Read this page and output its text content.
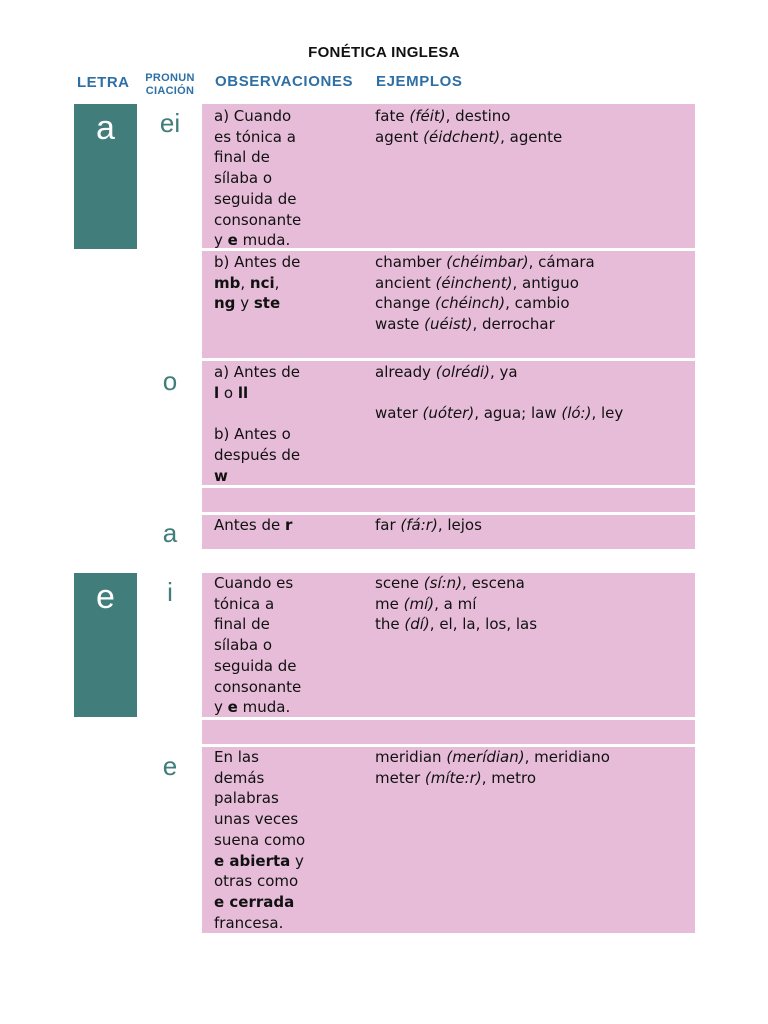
FONÉTICA INGLESA
LETRA	PRONUN
CIACIÓN
OBSERVACIONES EJEMPLOS
a
e
ei
o
a
i
e
a) Cuando
es tónica a
final de
sílaba o
seguida de
consonante
y e muda.
fate (féit), destino
agent (éidchent), agente
b) Antes de
mb, nci,
ng y ste
chamber (chéimbar), cámara
ancient (éinchent), antiguo
change (chéinch), cambio
waste (uéist), derrochar
a) Antes de
l o ll
b) Antes o
después de
w
already (olrédi), ya
water (uóter), agua; law (ló:), ley
Antes de r	far (fá:r), lejos
Cuando es
tónica a
final de
sílaba o
seguida de
consonante
y e muda.
scene (sí:n), escena
me (mí), a mí
the (dí), el, la, los, las
En las
demás
palabras
unas veces
suena como
e abierta y
otras como
e cerrada
francesa.
meridian (merídian), meridiano
meter (míte:r), metro
